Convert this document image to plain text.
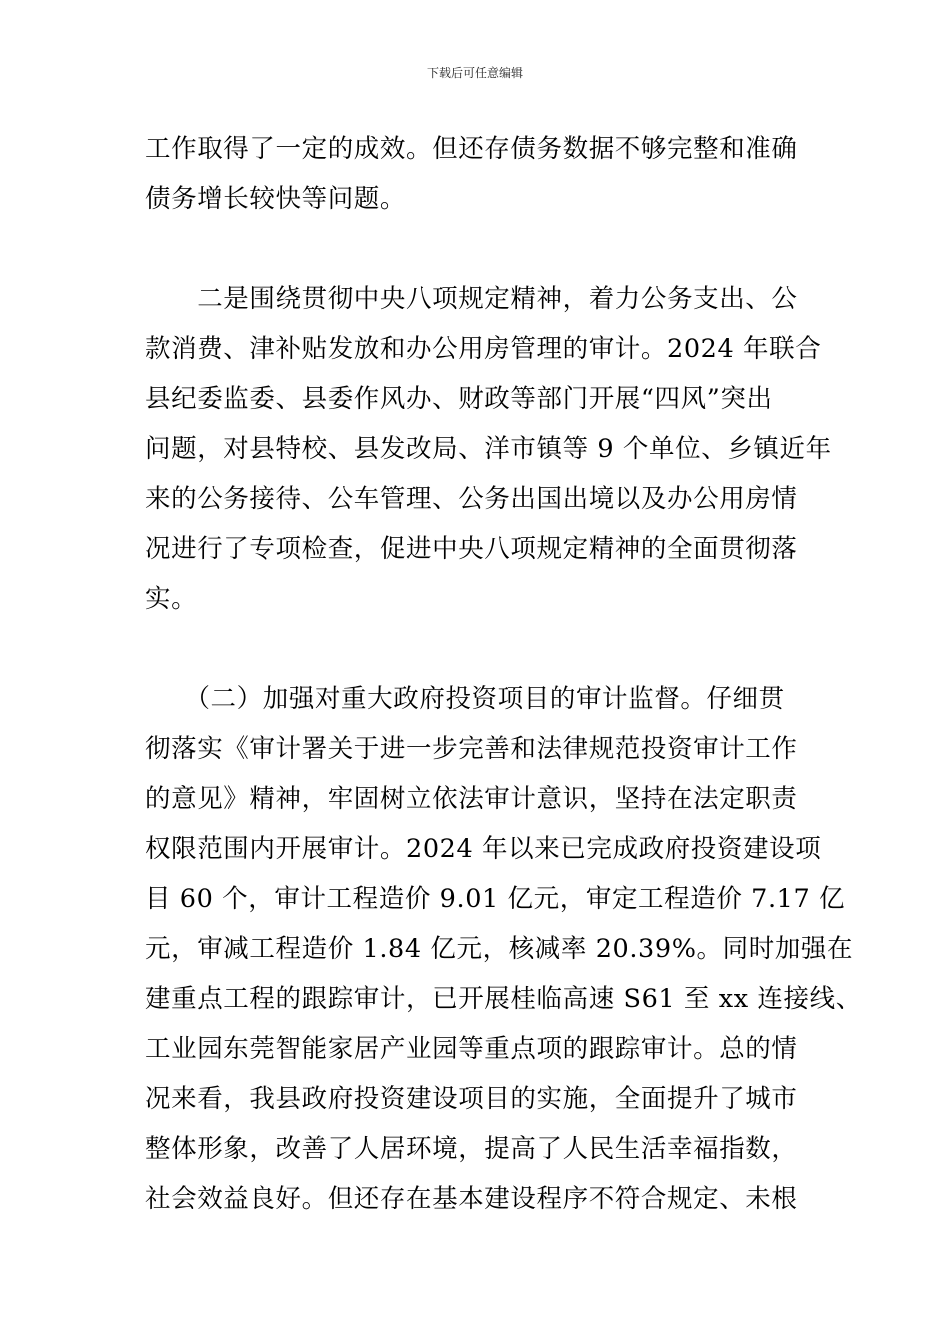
下载后可任意编辑
工作取得了一定的成效。但还存债务数据不够完整和准确
债务增长较快等问题。
　　二是围绕贯彻中央八项规定精神，着力公务支出、公
款消费、津补贴发放和办公用房管理的审计。2024 年联合
县纪委监委、县委作风办、财政等部门开展“四风”突出
问题，对县特校、县发改局、洋市镇等 9 个单位、乡镇近年
来的公务接待、公车管理、公务出国出境以及办公用房情
况进行了专项检查，促进中央八项规定精神的全面贯彻落
实。
　　（二）加强对重大政府投资项目的审计监督。仔细贯
彻落实《审计署关于进一步完善和法律规范投资审计工作
的意见》精神，牢固树立依法审计意识，坚持在法定职责
权限范围内开展审计。2024 年以来已完成政府投资建设项
目 60 个，审计工程造价 9.01 亿元，审定工程造价 7.17 亿
元，审减工程造价 1.84 亿元，核减率 20.39%。同时加强在
建重点工程的跟踪审计，已开展桂临高速 S61 至 xx 连接线、
工业园东莞智能家居产业园等重点项的跟踪审计。总的情
况来看，我县政府投资建设项目的实施，全面提升了城市
整体形象，改善了人居环境，提高了人民生活幸福指数，
社会效益良好。但还存在基本建设程序不符合规定、未根
